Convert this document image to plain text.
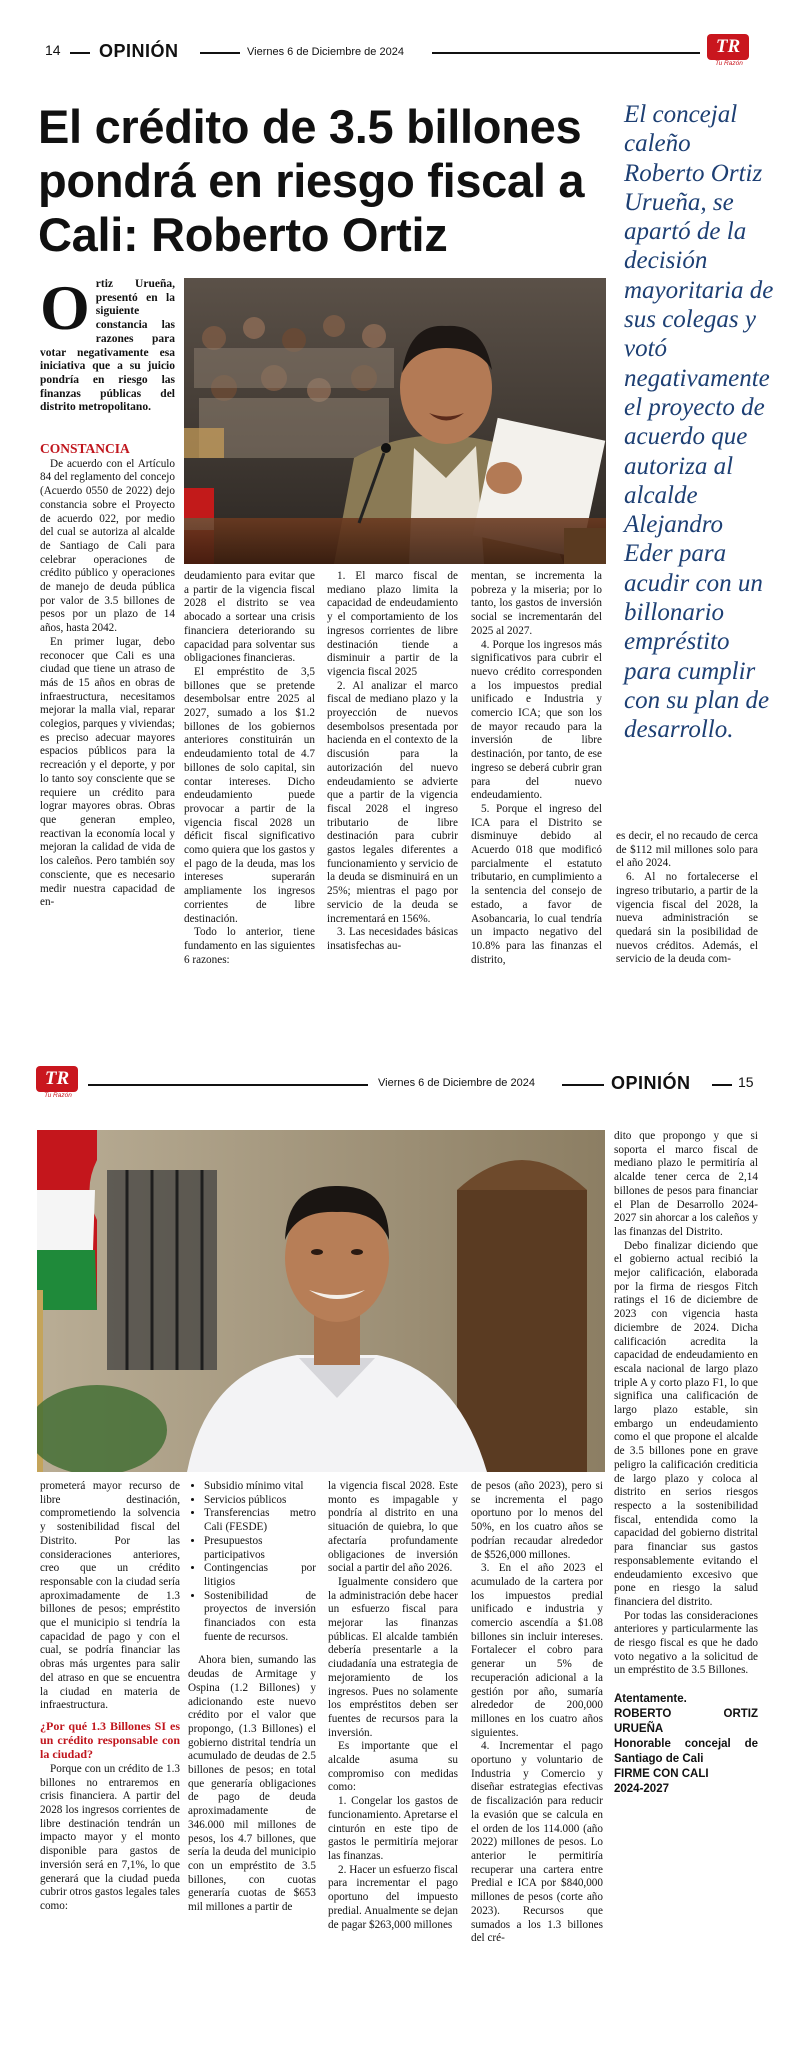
14 OPINIÓN	Viernes 6 de Diciembre de 2024	TR
Tu Razón
El crédito de 3.5 billones pondrá en riesgo fiscal a Cali: Roberto Ortiz
El concejal caleño Roberto Ortiz Urueña, se apartó de la decisión mayoritaria de sus colegas y votó negativamente el proyecto de acuerdo que autoriza al alcalde Alejandro Eder para acudir con un billonario empréstito para cumplir con su plan de desarrollo.
Ortiz Urueña, presentó en la siguiente constancia las razones para votar negativamente esa iniciativa que a su juicio pondría en riesgo las finanzas públicas del distrito metropolitano.
CONSTANCIA

De acuerdo con el Artículo 84 del reglamento del concejo (Acuerdo 0550 de 2022) dejo constancia sobre el Proyecto de acuerdo 022, por medio del cual se autoriza al alcalde de Santiago de Cali para celebrar operaciones de crédito público y operaciones de manejo de deuda pública por valor de 3.5 billones de pesos por un plazo de 14 años, hasta 2042.

En primer lugar, debo reconocer que Cali es una ciudad que tiene un atraso de más de 15 años en obras de infraestructura, necesitamos mejorar la malla vial, reparar colegios, parques y viviendas; es preciso adecuar mayores espacios públicos para la recreación y el deporte, y por lo tanto soy consciente que se requiere un crédito para lograr mayores obras. Obras que generan empleo, reactivan la economía local y mejoran la calidad de vida de los caleños. Pero también soy consciente, que es necesario medir nuestra capacidad de en-

deudamiento para evitar que a partir de la vigencia fiscal 2028 el distrito se vea abocado a sortear una crisis financiera deteriorando su capacidad para solventar sus obligaciones financieras.

El empréstito de 3,5 billones que se pretende desembolsar entre 2025 al 2027, sumado a los $1.2 billones de los gobiernos anteriores constituirán un endeudamiento total de 4.7 billones de solo capital, sin contar intereses. Dicho endeudamiento puede provocar a partir de la vigencia fiscal 2028 un déficit fiscal significativo como quiera que los gastos y el pago de la deuda, mas los intereses superarán ampliamente los ingresos corrientes de libre destinación.

Todo lo anterior, tiene fundamento en las siguientes 6 razones:

1. El marco fiscal de mediano plazo limita la capacidad de endeudamiento y el comportamiento de los ingresos corrientes de libre destinación tiende a disminuir a partir de la vigencia fiscal 2025

2. Al analizar el marco fiscal de mediano plazo y la proyección de nuevos desembolsos presentada por hacienda en el contexto de la discusión para la autorización del nuevo endeudamiento se advierte que a partir de la vigencia fiscal 2028 el ingreso tributario de libre destinación para cubrir gastos legales diferentes a funcionamiento y servicio de la deuda se disminuirá en un 25%; mientras el pago por servicio de la deuda se incrementará en 156%.

3. Las necesidades básicas insatisfechas au-

mentan, se incrementa la pobreza y la miseria; por lo tanto, los gastos de inversión social se incrementarán del 2025 al 2027.

4. Porque los ingresos más significativos para cubrir el nuevo crédito corresponden a los impuestos predial unificado e Industria y comercio ICA; que son los de mayor recaudo para la inversión de libre destinación, por tanto, de ese ingreso se deberá cubrir gran para del nuevo endeudamiento.

5. Porque el ingreso del ICA para el Distrito se disminuye debido al Acuerdo 018 que modificó parcialmente el estatuto tributario, en cumplimiento a la sentencia del consejo de estado, a favor de Asobancaria, lo cual tendría un impacto negativo del 10.8% para las finanzas el distrito,

es decir, el no recaudo de cerca de $112 mil millones solo para el año 2024.

6. Al no fortalecerse el ingreso tributario, a partir de la vigencia fiscal del 2028, la nueva administración se quedará sin la posibilidad de nuevos créditos. Además, el servicio de la deuda com-

TR
Tu Razón
Viernes 6 de Diciembre de 2024	OPINIÓN	15

dito que propongo y que si soporta el marco fiscal de mediano plazo le permitiría al alcalde tener cerca de 2,14 billones de pesos para financiar el Plan de Desarrollo 2024-2027 sin ahorcar a los caleños y las finanzas del Distrito.

Debo finalizar diciendo que el gobierno actual recibió la mejor calificación, elaborada por la firma de riesgos Fitch ratings el 16 de diciembre de 2023 con vigencia hasta diciembre de 2024. Dicha calificación acredita la capacidad de endeudamiento en escala nacional de largo plazo triple A y corto plazo F1, lo que significa una calificación de largo plazo estable, sin embargo un endeudamiento como el que propone el alcalde de 3.5 billones pone en grave peligro la calificación crediticia de largo plazo y coloca al distrito en serios riesgos respecto a la sostenibilidad fiscal, entendida como la capacidad del gobierno distrital para financiar sus gastos responsablemente evitando el endeudamiento excesivo que pone en riesgo la salud financiera del distrito.

Por todas las consideraciones anteriores y particularmente las de riesgo fiscal es que he dado voto negativo a la solicitud de un empréstito de 3.5 Billones.

Atentamente.
ROBERTO ORTIZ URUEÑA
Honorable concejal de Santiago de Cali
FIRME CON CALI
2024-2027

prometerá mayor recurso de libre destinación, comprometiendo la solvencia y sostenibilidad fiscal del Distrito. Por las consideraciones anteriores, creo que un crédito responsable con la ciudad sería aproximadamente de 1.3 billones de pesos; empréstito que el municipio si tendría la capacidad de pago y con el cual, se podría financiar las obras más urgentes para salir del atraso en que se encuentra la ciudad en materia de infraestructura.

¿Por qué 1.3 Billones SI es un crédito responsable con la ciudad?

Porque con un crédito de 1.3 billones no entraremos en crisis financiera. A partir del 2028 los ingresos corrientes de libre destinación tendrán un impacto mayor y el monto disponible para gastos de inversión será en 7,1%, lo que generará que la ciudad pueda cubrir otros gastos legales tales como:

• Subsidio mínimo vital
• Servicios públicos
• Transferencias metro Cali (FESDE)
• Presupuestos participativos
• Contingencias por litigios
• Sostenibilidad de proyectos de inversión financiados con esta fuente de recursos.

Ahora bien, sumando las deudas de Armitage y Ospina (1.2 Billones) y adicionando este nuevo crédito por el valor que propongo, (1.3 Billones) el gobierno distrital tendría un acumulado de deudas de 2.5 billones de pesos; en total que generaría obligaciones de pago de deuda aproximadamente de 346.000 mil millones de pesos, los 4.7 billones, que sería la deuda del municipio con un empréstito de 3.5 billones, con cuotas generaría cuotas de $653 mil millones a partir de

la vigencia fiscal 2028. Este monto es impagable y pondría al distrito en una situación de quiebra, lo que afectaría profundamente obligaciones de inversión social a partir del año 2026.

Igualmente considero que la administración debe hacer un esfuerzo fiscal para mejorar las finanzas públicas. El alcalde también debería presentarle a la ciudadanía una estrategia de mejoramiento de los ingresos. Pues no solamente los empréstitos deben ser fuentes de recursos para la inversión.

Es importante que el alcalde asuma su compromiso con medidas como:

1. Congelar los gastos de funcionamiento. Apretarse el cinturón en este tipo de gastos le permitiría mejorar las finanzas.

2. Hacer un esfuerzo fiscal para incrementar el pago oportuno del impuesto predial. Anualmente se dejan de pagar $263,000 millones

de pesos (año 2023), pero si se incrementa el pago oportuno por lo menos del 50%, en los cuatro años se podrían recaudar alrededor de $526,000 millones.

3. En el año 2023 el acumulado de la cartera por los impuestos predial unificado e industria y comercio ascendía a $1.08 billones sin incluir intereses. Fortalecer el cobro para generar un 5% de recuperación adicional a la gestión por año, sumaría alrededor de 200,000 millones en los cuatro años siguientes.

4. Incrementar el pago oportuno y voluntario de Industria y Comercio y diseñar estrategias efectivas de fiscalización para reducir la evasión que se calcula en el orden de los 114.000 (año 2022) millones de pesos. Lo anterior le permitiría recuperar una cartera entre Predial e ICA por $840,000 millones de pesos (corte año 2023). Recursos que sumados a los 1.3 billones del cré-
